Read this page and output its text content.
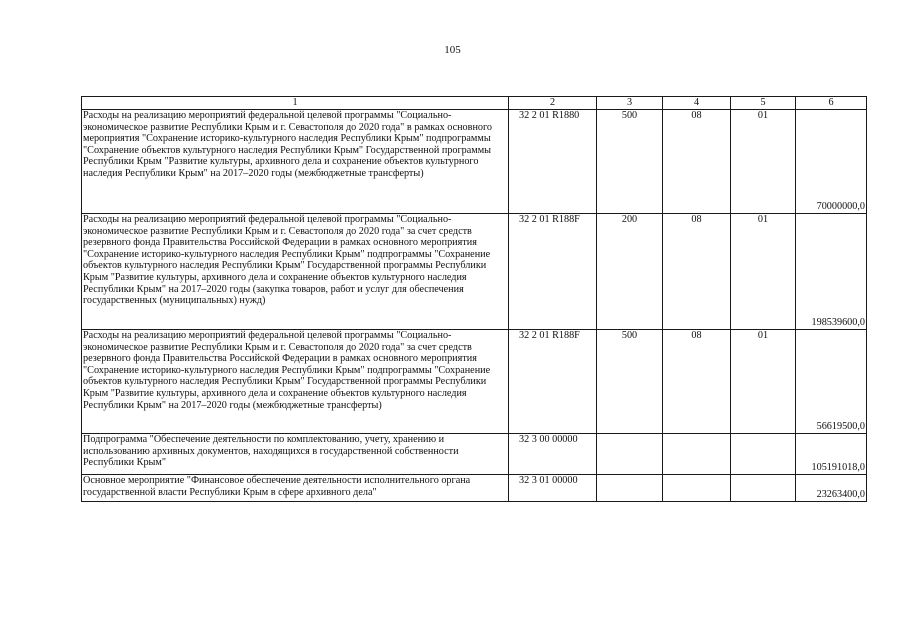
105
1	2	3	4	5	6

Расходы на реализацию мероприятий федеральной целевой программы "Социально-экономическое развитие Республики Крым и г. Севастополя до 2020 года" в рамках основного мероприятия "Сохранение историко-культурного наследия Республики Крым" подпрограммы "Сохранение объектов культурного наследия Республики Крым" Государственной программы Республики Крым "Развитие культуры, архивного дела и сохранение объектов культурного наследия Республики Крым" на 2017–2020 годы (межбюджетные трансферты)	32 2 01 R1880	500	08	01	70000000,0

Расходы на реализацию мероприятий федеральной целевой программы "Социально-экономическое развитие Республики Крым и г. Севастополя до 2020 года" за счет средств резервного фонда Правительства Российской Федерации в рамках основного мероприятия "Сохранение историко-культурного наследия Республики Крым" подпрограммы "Сохранение объектов культурного наследия Республики Крым" Государственной программы Республики Крым "Развитие культуры, архивного дела и сохранение объектов культурного наследия Республики Крым" на 2017–2020 годы (закупка товаров, работ и услуг для обеспечения государственных (муниципальных) нужд)	32 2 01 R188F	200	08	01	198539600,0

Расходы на реализацию мероприятий федеральной целевой программы "Социально-экономическое развитие Республики Крым и г. Севастополя до 2020 года" за счет средств резервного фонда Правительства Российской Федерации в рамках основного мероприятия "Сохранение историко-культурного наследия Республики Крым" подпрограммы "Сохранение объектов культурного наследия Республики Крым" Государственной программы Республики Крым "Развитие культуры, архивного дела и сохранение объектов культурного наследия Республики Крым" на 2017–2020 годы (межбюджетные трансферты)	32 2 01 R188F	500	08	01	56619500,0

Подпрограмма "Обеспечение деятельности по комплектованию, учету, хранению и использованию архивных документов, находящихся в государственной собственности Республики Крым"	32 3 00 00000				105191018,0

Основное мероприятие "Финансовое обеспечение деятельности исполнительного органа государственной власти Республики Крым в сфере архивного дела"	32 3 01 00000				23263400,0
